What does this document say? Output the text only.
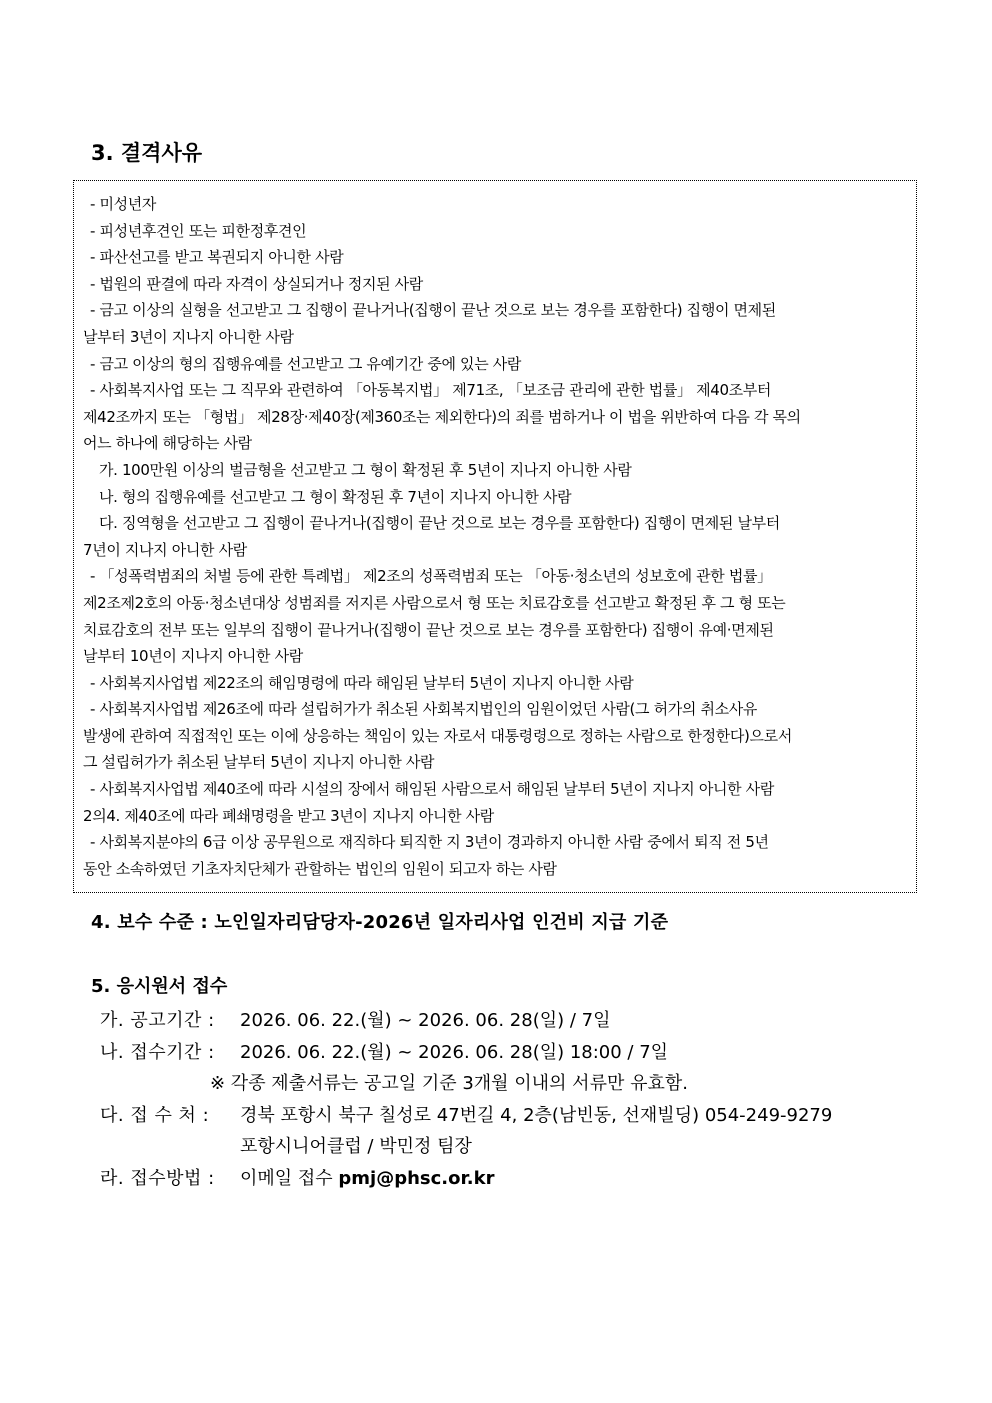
3. 결격사유
- 미성년자
- 피성년후견인 또는 피한정후견인
- 파산선고를 받고 복권되지 아니한 사람
- 법원의 판결에 따라 자격이 상실되거나 정지된 사람
- 금고 이상의 실형을 선고받고 그 집행이 끝나거나(집행이 끝난 것으로 보는 경우를 포함한다) 집행이 면제된
날부터 3년이 지나지 아니한 사람
- 금고 이상의 형의 집행유예를 선고받고 그 유예기간 중에 있는 사람
- 사회복지사업 또는 그 직무와 관련하여 「아동복지법」 제71조, 「보조금 관리에 관한 법률」 제40조부터
제42조까지 또는 「형법」 제28장·제40장(제360조는 제외한다)의 죄를 범하거나 이 법을 위반하여 다음 각 목의
어느 하나에 해당하는 사람
가. 100만원 이상의 벌금형을 선고받고 그 형이 확정된 후 5년이 지나지 아니한 사람
나. 형의 집행유예를 선고받고 그 형이 확정된 후 7년이 지나지 아니한 사람
다. 징역형을 선고받고 그 집행이 끝나거나(집행이 끝난 것으로 보는 경우를 포함한다) 집행이 면제된 날부터
7년이 지나지 아니한 사람
- 「성폭력범죄의 처벌 등에 관한 특례법」 제2조의 성폭력범죄 또는 「아동·청소년의 성보호에 관한 법률」
제2조제2호의 아동·청소년대상 성범죄를 저지른 사람으로서 형 또는 치료감호를 선고받고 확정된 후 그 형 또는
치료감호의 전부 또는 일부의 집행이 끝나거나(집행이 끝난 것으로 보는 경우를 포함한다) 집행이 유예·면제된
날부터 10년이 지나지 아니한 사람
- 사회복지사업법 제22조의 해임명령에 따라 해임된 날부터 5년이 지나지 아니한 사람
- 사회복지사업법 제26조에 따라 설립허가가 취소된 사회복지법인의 임원이었던 사람(그 허가의 취소사유
발생에 관하여 직접적인 또는 이에 상응하는 책임이 있는 자로서 대통령령으로 정하는 사람으로 한정한다)으로서
그 설립허가가 취소된 날부터 5년이 지나지 아니한 사람
- 사회복지사업법 제40조에 따라 시설의 장에서 해임된 사람으로서 해임된 날부터 5년이 지나지 아니한 사람
2의4. 제40조에 따라 폐쇄명령을 받고 3년이 지나지 아니한 사람
- 사회복지분야의 6급 이상 공무원으로 재직하다 퇴직한 지 3년이 경과하지 아니한 사람 중에서 퇴직 전 5년
동안 소속하였던 기초자치단체가 관할하는 법인의 임원이 되고자 하는 사람
4. 보수 수준 : 노인일자리담당자-2026년 일자리사업 인건비 지급 기준
5. 응시원서 접수
가. 공고기간 :	2026. 06. 22.(월) ~ 2026. 06. 28(일) / 7일
나. 접수기간 :	2026. 06. 22.(월) ~ 2026. 06. 28(일) 18:00 / 7일
※ 각종 제출서류는 공고일 기준 3개월 이내의 서류만 유효함.
다. 접 수 처 :	경북 포항시 북구 칠성로 47번길 4, 2층(남빈동, 선재빌딩) 054-249-9279
포항시니어클럽 / 박민정 팀장
라. 접수방법 :	이메일 접수 pmj@phsc.or.kr
